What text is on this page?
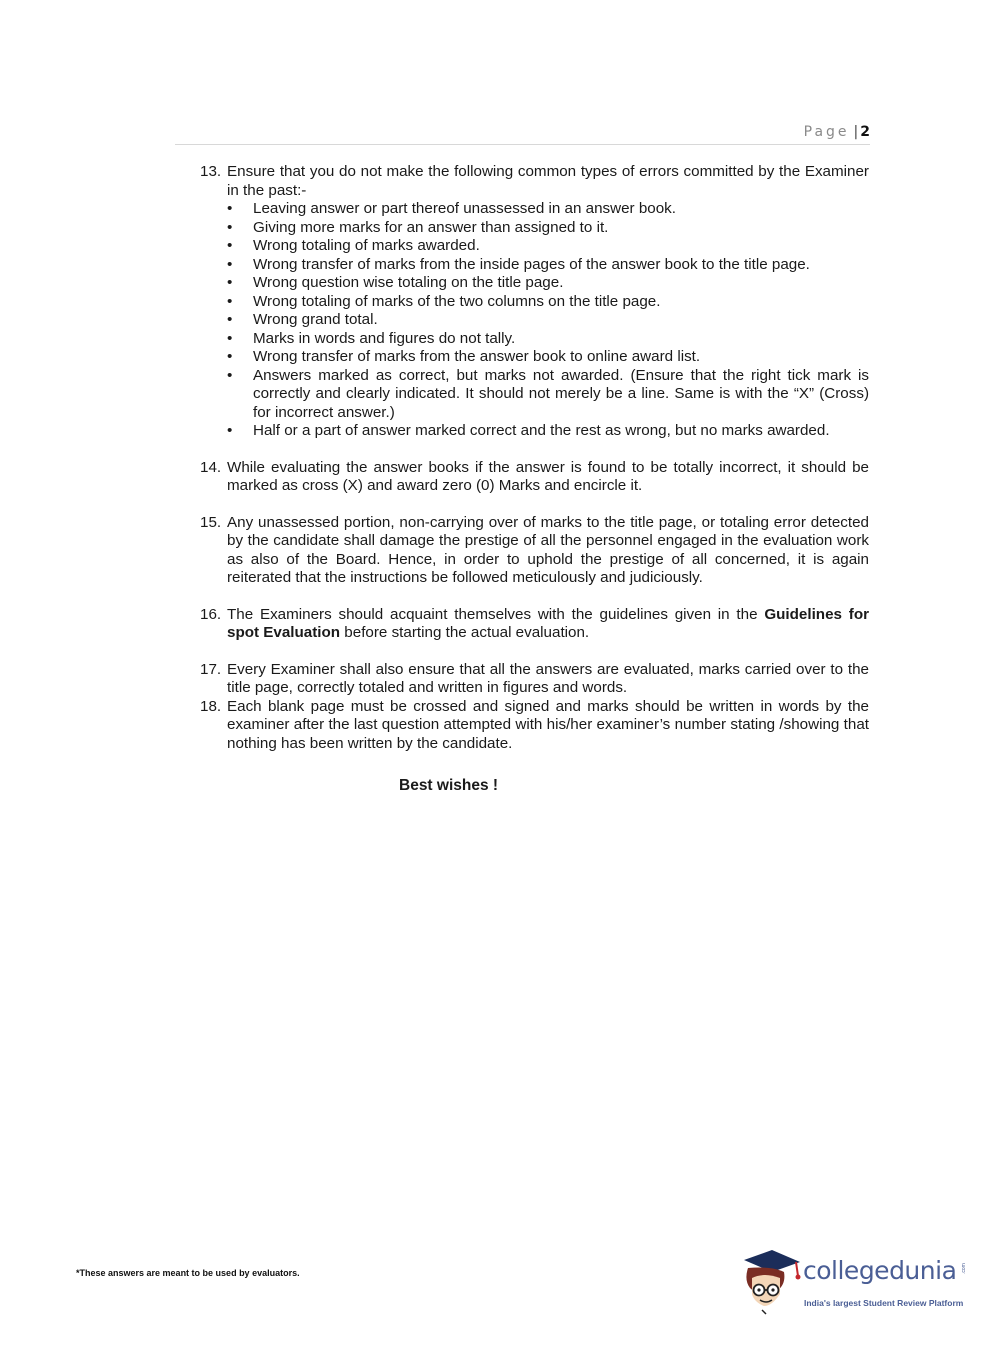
Page | 2
13. Ensure that you do not make the following common types of errors committed by the Examiner in the past:-
• Leaving answer or part thereof unassessed in an answer book.
• Giving more marks for an answer than assigned to it.
• Wrong totaling of marks awarded.
• Wrong transfer of marks from the inside pages of the answer book to the title page.
• Wrong question wise totaling on the title page.
• Wrong totaling of marks of the two columns on the title page.
• Wrong grand total.
• Marks in words and figures do not tally.
• Wrong transfer of marks from the answer book to online award list.
• Answers marked as correct, but marks not awarded. (Ensure that the right tick mark is correctly and clearly indicated. It should not merely be a line. Same is with the “X” (Cross) for incorrect answer.)
• Half or a part of answer marked correct and the rest as wrong, but no marks awarded.
14. While evaluating the answer books if the answer is found to be totally incorrect, it should be marked as cross (X) and award zero (0) Marks and encircle it.
15. Any unassessed portion, non-carrying over of marks to the title page, or totaling error detected by the candidate shall damage the prestige of all the personnel engaged in the evaluation work as also of the Board. Hence, in order to uphold the prestige of all concerned, it is again reiterated that the instructions be followed meticulously and judiciously.
16. The Examiners should acquaint themselves with the guidelines given in the Guidelines for spot Evaluation before starting the actual evaluation.
17. Every Examiner shall also ensure that all the answers are evaluated, marks carried over to the title page, correctly totaled and written in figures and words.
18. Each blank page must be crossed and signed and marks should be written in words by the examiner after the last question attempted with his/her examiner’s number stating /showing that nothing has been written by the candidate.
Best wishes !
*These answers are meant to be used by evaluators.	collegedunia .com
India's largest Student Review Platform
